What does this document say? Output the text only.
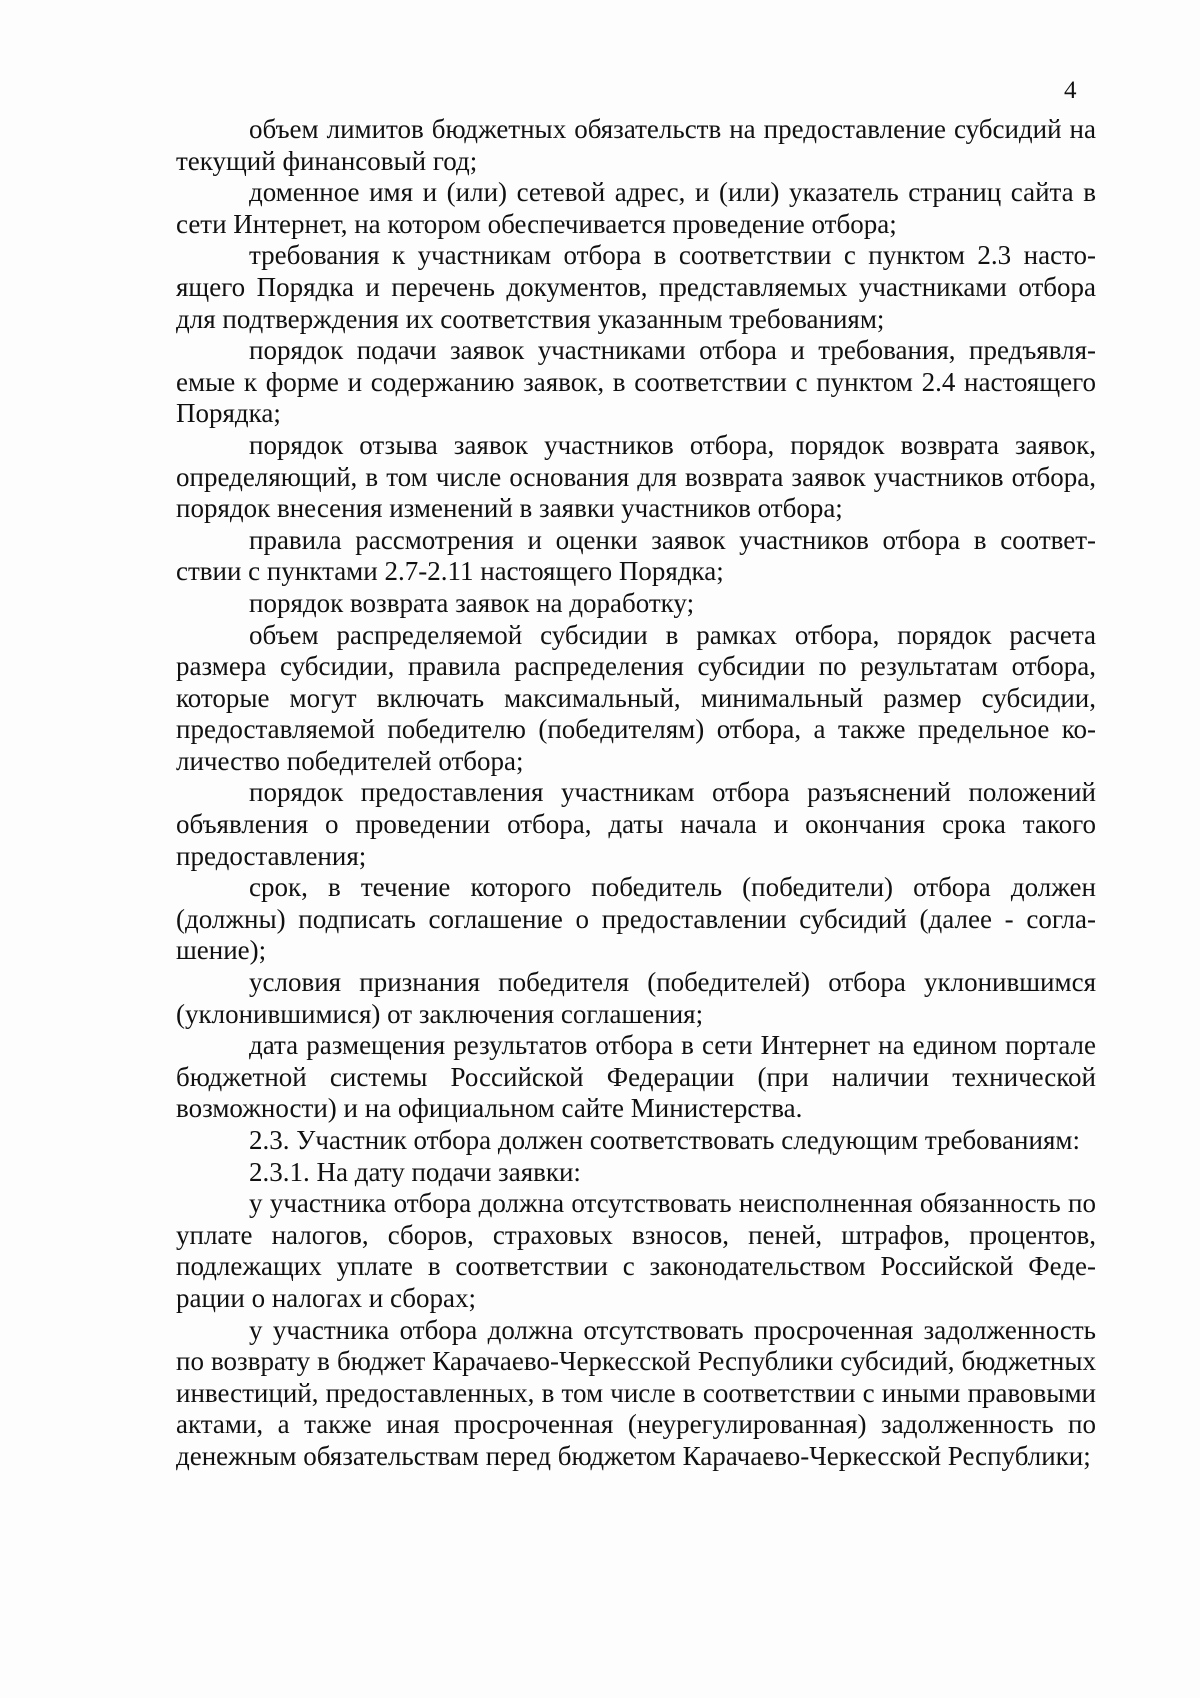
4

объем лимитов бюджетных обязательств на предоставление субсидий на текущий финансовый год;

доменное имя и (или) сетевой адрес, и (или) указатель страниц сайта в сети Интернет, на котором обеспечивается проведение отбора;

требования к участникам отбора в соответствии с пунктом 2.3 настоящего Порядка и перечень документов, представляемых участниками отбора для подтверждения их соответствия указанным требованиям;

порядок подачи заявок участниками отбора и требования, предъявляемые к форме и содержанию заявок, в соответствии с пунктом 2.4 настоящего Порядка;

порядок отзыва заявок участников отбора, порядок возврата заявок, определяющий, в том числе основания для возврата заявок участников отбора, порядок внесения изменений в заявки участников отбора;

правила рассмотрения и оценки заявок участников отбора в соответствии с пунктами 2.7-2.11 настоящего Порядка;

порядок возврата заявок на доработку;

объем распределяемой субсидии в рамках отбора, порядок расчета размера субсидии, правила распределения субсидии по результатам отбора, которые могут включать максимальный, минимальный размер субсидии, предоставляемой победителю (победителям) отбора, а также предельное количество победителей отбора;

порядок предоставления участникам отбора разъяснений положений объявления о проведении отбора, даты начала и окончания срока такого предоставления;

срок, в течение которого победитель (победители) отбора должен (должны) подписать соглашение о предоставлении субсидий (далее - соглашение);

условия признания победителя (победителей) отбора уклонившимся (уклонившимися) от заключения соглашения;

дата размещения результатов отбора в сети Интернет на едином портале бюджетной системы Российской Федерации (при наличии технической возможности) и на официальном сайте Министерства.

2.3. Участник отбора должен соответствовать следующим требованиям:

2.3.1. На дату подачи заявки:

у участника отбора должна отсутствовать неисполненная обязанность по уплате налогов, сборов, страховых взносов, пеней, штрафов, процентов, подлежащих уплате в соответствии с законодательством Российской Федерации о налогах и сборах;

у участника отбора должна отсутствовать просроченная задолженность по возврату в бюджет Карачаево-Черкесской Республики субсидий, бюджетных инвестиций, предоставленных, в том числе в соответствии с иными правовыми актами, а также иная просроченная (неурегулированная) задолженность по денежным обязательствам перед бюджетом Карачаево-Черкесской Республики;
